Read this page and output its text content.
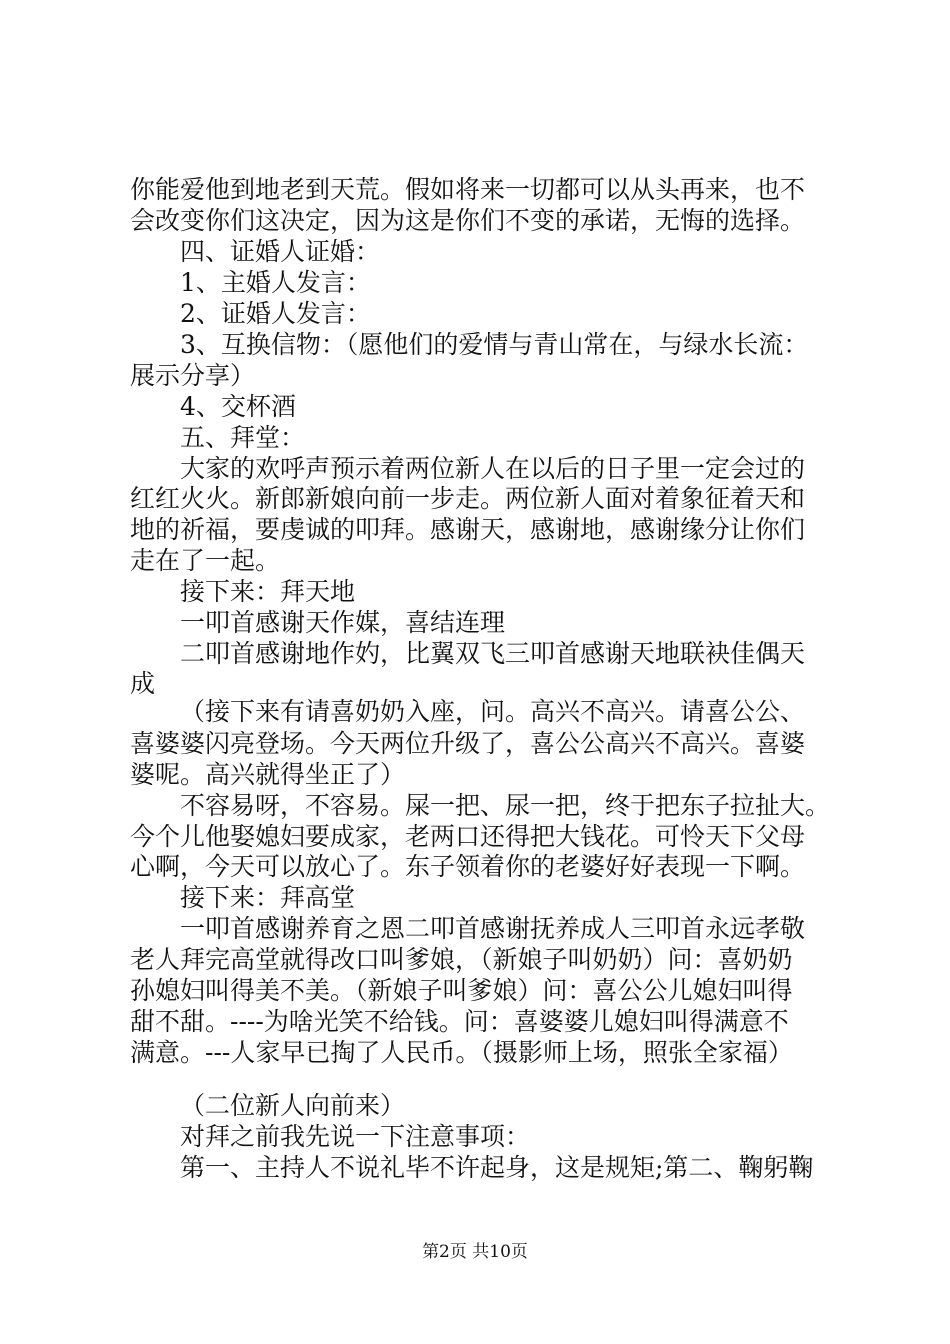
你能爱他到地老到天荒。假如将来一切都可以从头再来，也不
会改变你们这决定，因为这是你们不变的承诺，无悔的选择。
四、证婚人证婚：
1、主婚人发言：
2、证婚人发言：
3、互换信物：（愿他们的爱情与青山常在，与绿水长流：
展示分享）
4、交杯酒
五、拜堂：
大家的欢呼声预示着两位新人在以后的日子里一定会过的
红红火火。新郎新娘向前一步走。两位新人面对着象征着天和
地的祈福，要虔诚的叩拜。感谢天，感谢地，感谢缘分让你们
走在了一起。
接下来：拜天地
一叩首感谢天作媒，喜结连理
二叩首感谢地作妁，比翼双飞三叩首感谢天地联袂佳偶天
成
（接下来有请喜奶奶入座，问。高兴不高兴。请喜公公、
喜婆婆闪亮登场。今天两位升级了，喜公公高兴不高兴。喜婆
婆呢。高兴就得坐正了）
不容易呀，不容易。屎一把、尿一把，终于把东子拉扯大。
今个儿他娶媳妇要成家，老两口还得把大钱花。可怜天下父母
心啊，今天可以放心了。东子领着你的老婆好好表现一下啊。
接下来：拜高堂
一叩首感谢养育之恩二叩首感谢抚养成人三叩首永远孝敬
老人拜完高堂就得改口叫爹娘，（新娘子叫奶奶）问：喜奶奶
孙媳妇叫得美不美。（新娘子叫爹娘）问：喜公公儿媳妇叫得
甜不甜。----为啥光笑不给钱。问：喜婆婆儿媳妇叫得满意不
满意。---人家早已掏了人民币。（摄影师上场，照张全家福）
（二位新人向前来）
对拜之前我先说一下注意事项：
第一、主持人不说礼毕不许起身，这是规矩;第二、鞠躬鞠
第2页 共10页
